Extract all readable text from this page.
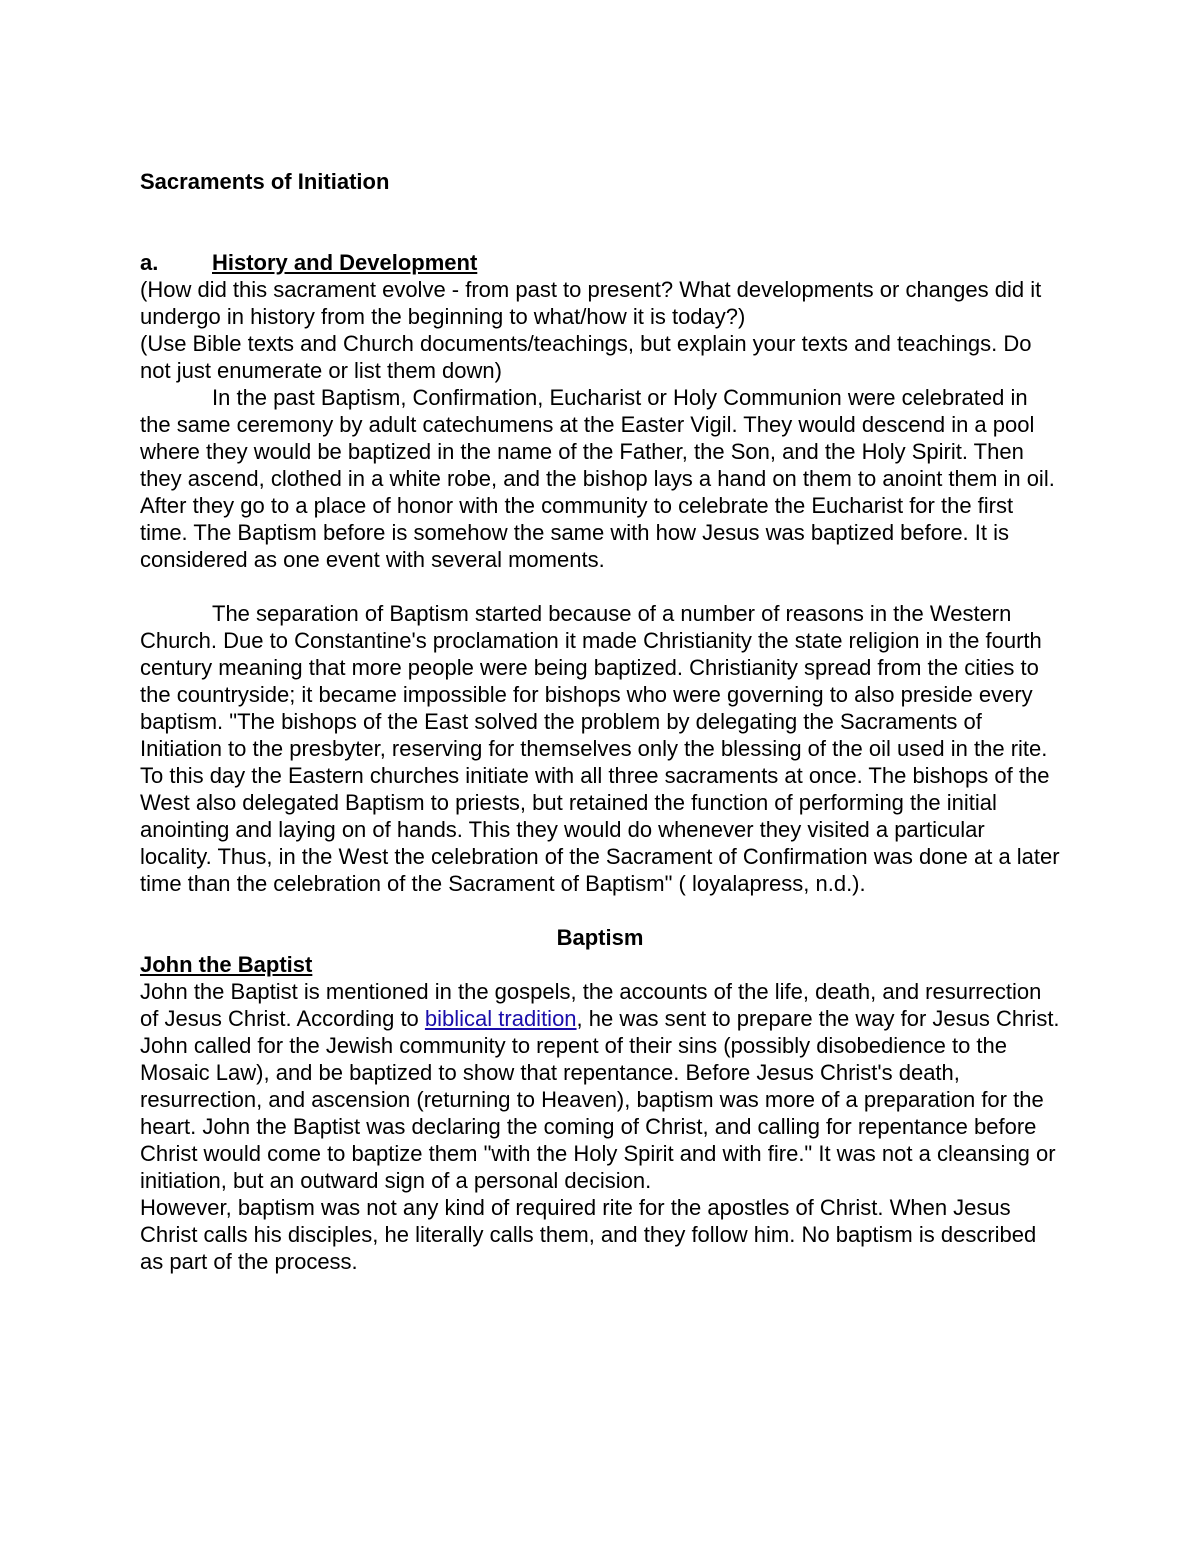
Sacraments of Initiation

a. History and Development

(How did this sacrament evolve - from past to present? What developments or changes did it undergo in history from the beginning to what/how it is today?)

(Use Bible texts and Church documents/teachings, but explain your texts and teachings. Do not just enumerate or list them down)

In the past Baptism, Confirmation, Eucharist or Holy Communion were celebrated in the same ceremony by adult catechumens at the Easter Vigil. They would descend in a pool where they would be baptized in the name of the Father, the Son, and the Holy Spirit. Then they ascend, clothed in a white robe, and the bishop lays a hand on them to anoint them in oil. After they go to a place of honor with the community to celebrate the Eucharist for the first time. The Baptism before is somehow the same with how Jesus was baptized before. It is considered as one event with several moments.

The separation of Baptism started because of a number of reasons in the Western Church. Due to Constantine's proclamation it made Christianity the state religion in the fourth century meaning that more people were being baptized. Christianity spread from the cities to the countryside; it became impossible for bishops who were governing to also preside every baptism. "The bishops of the East solved the problem by delegating the Sacraments of Initiation to the presbyter, reserving for themselves only the blessing of the oil used in the rite. To this day the Eastern churches initiate with all three sacraments at once. The bishops of the West also delegated Baptism to priests, but retained the function of performing the initial anointing and laying on of hands. This they would do whenever they visited a particular locality. Thus, in the West the celebration of the Sacrament of Confirmation was done at a later time than the celebration of the Sacrament of Baptism" ( loyalapress, n.d.).

Baptism

John the Baptist

John the Baptist is mentioned in the gospels, the accounts of the life, death, and resurrection of Jesus Christ. According to biblical tradition, he was sent to prepare the way for Jesus Christ. John called for the Jewish community to repent of their sins (possibly disobedience to the Mosaic Law), and be baptized to show that repentance. Before Jesus Christ's death, resurrection, and ascension (returning to Heaven), baptism was more of a preparation for the heart. John the Baptist was declaring the coming of Christ, and calling for repentance before Christ would come to baptize them "with the Holy Spirit and with fire." It was not a cleansing or initiation, but an outward sign of a personal decision.

However, baptism was not any kind of required rite for the apostles of Christ. When Jesus Christ calls his disciples, he literally calls them, and they follow him. No baptism is described as part of the process.
